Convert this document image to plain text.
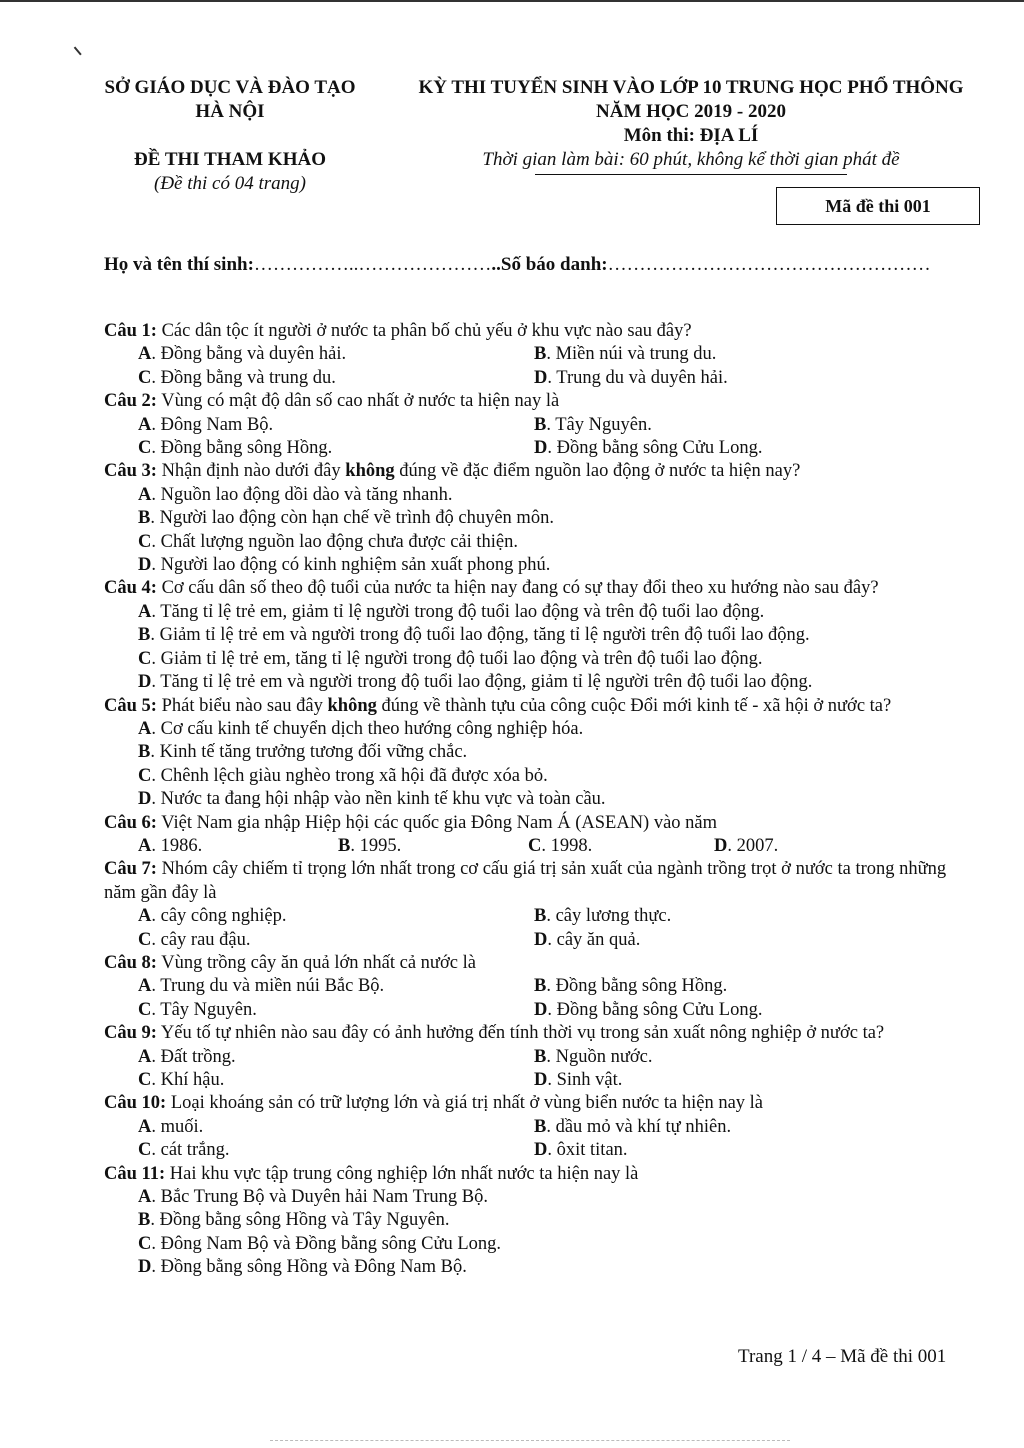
SỞ GIÁO DỤC VÀ ĐÀO TẠO
HÀ NỘI
ĐỀ THI THAM KHẢO
(Đề thi có 04 trang)
KỲ THI TUYỂN SINH VÀO LỚP 10 TRUNG HỌC PHỔ THÔNG
NĂM HỌC 2019 - 2020
Môn thi: ĐỊA LÍ
Thời gian làm bài: 60 phút, không kể thời gian phát đề
Mã đề thi 001
Họ và tên thí sinh:……………..…………………..Số báo danh:……………………………………………
Câu 1: Các dân tộc ít người ở nước ta phân bố chủ yếu ở khu vực nào sau đây?
A. Đồng bằng và duyên hải.	B. Miền núi và trung du.
C. Đồng bằng và trung du.	D. Trung du và duyên hải.
Câu 2: Vùng có mật độ dân số cao nhất ở nước ta hiện nay là
A. Đông Nam Bộ.	B. Tây Nguyên.
C. Đồng bằng sông Hồng.	D. Đồng bằng sông Cửu Long.
Câu 3: Nhận định nào dưới đây không đúng về đặc điểm nguồn lao động ở nước ta hiện nay?
A. Nguồn lao động dồi dào và tăng nhanh.
B. Người lao động còn hạn chế về trình độ chuyên môn.
C. Chất lượng nguồn lao động chưa được cải thiện.
D. Người lao động có kinh nghiệm sản xuất phong phú.
Câu 4: Cơ cấu dân số theo độ tuổi của nước ta hiện nay đang có sự thay đổi theo xu hướng nào sau đây?
A. Tăng tỉ lệ trẻ em, giảm tỉ lệ người trong độ tuổi lao động và trên độ tuổi lao động.
B. Giảm tỉ lệ trẻ em và người trong độ tuổi lao động, tăng tỉ lệ người trên độ tuổi lao động.
C. Giảm tỉ lệ trẻ em, tăng tỉ lệ người trong độ tuổi lao động và trên độ tuổi lao động.
D. Tăng tỉ lệ trẻ em và người trong độ tuổi lao động, giảm tỉ lệ người trên độ tuổi lao động.
Câu 5: Phát biểu nào sau đây không đúng về thành tựu của công cuộc Đổi mới kinh tế - xã hội ở nước ta?
A. Cơ cấu kinh tế chuyển dịch theo hướng công nghiệp hóa.
B. Kinh tế tăng trưởng tương đối vững chắc.
C. Chênh lệch giàu nghèo trong xã hội đã được xóa bỏ.
D. Nước ta đang hội nhập vào nền kinh tế khu vực và toàn cầu.
Câu 6: Việt Nam gia nhập Hiệp hội các quốc gia Đông Nam Á (ASEAN) vào năm
A. 1986.	B. 1995.	C. 1998.	D. 2007.
Câu 7: Nhóm cây chiếm tỉ trọng lớn nhất trong cơ cấu giá trị sản xuất của ngành trồng trọt ở nước ta trong những năm gần đây là
A. cây công nghiệp.	B. cây lương thực.
C. cây rau đậu.	D. cây ăn quả.
Câu 8: Vùng trồng cây ăn quả lớn nhất cả nước là
A. Trung du và miền núi Bắc Bộ.	B. Đồng bằng sông Hồng.
C. Tây Nguyên.	D. Đồng bằng sông Cửu Long.
Câu 9: Yếu tố tự nhiên nào sau đây có ảnh hưởng đến tính thời vụ trong sản xuất nông nghiệp ở nước ta?
A. Đất trồng.	B. Nguồn nước.
C. Khí hậu.	D. Sinh vật.
Câu 10: Loại khoáng sản có trữ lượng lớn và giá trị nhất ở vùng biển nước ta hiện nay là
A. muối.	B. dầu mỏ và khí tự nhiên.
C. cát trắng.	D. ôxit titan.
Câu 11: Hai khu vực tập trung công nghiệp lớn nhất nước ta hiện nay là
A. Bắc Trung Bộ và Duyên hải Nam Trung Bộ.
B. Đồng bằng sông Hồng và Tây Nguyên.
C. Đông Nam Bộ và Đồng bằng sông Cửu Long.
D. Đồng bằng sông Hồng và Đông Nam Bộ.
Trang 1 / 4 – Mã đề thi 001
